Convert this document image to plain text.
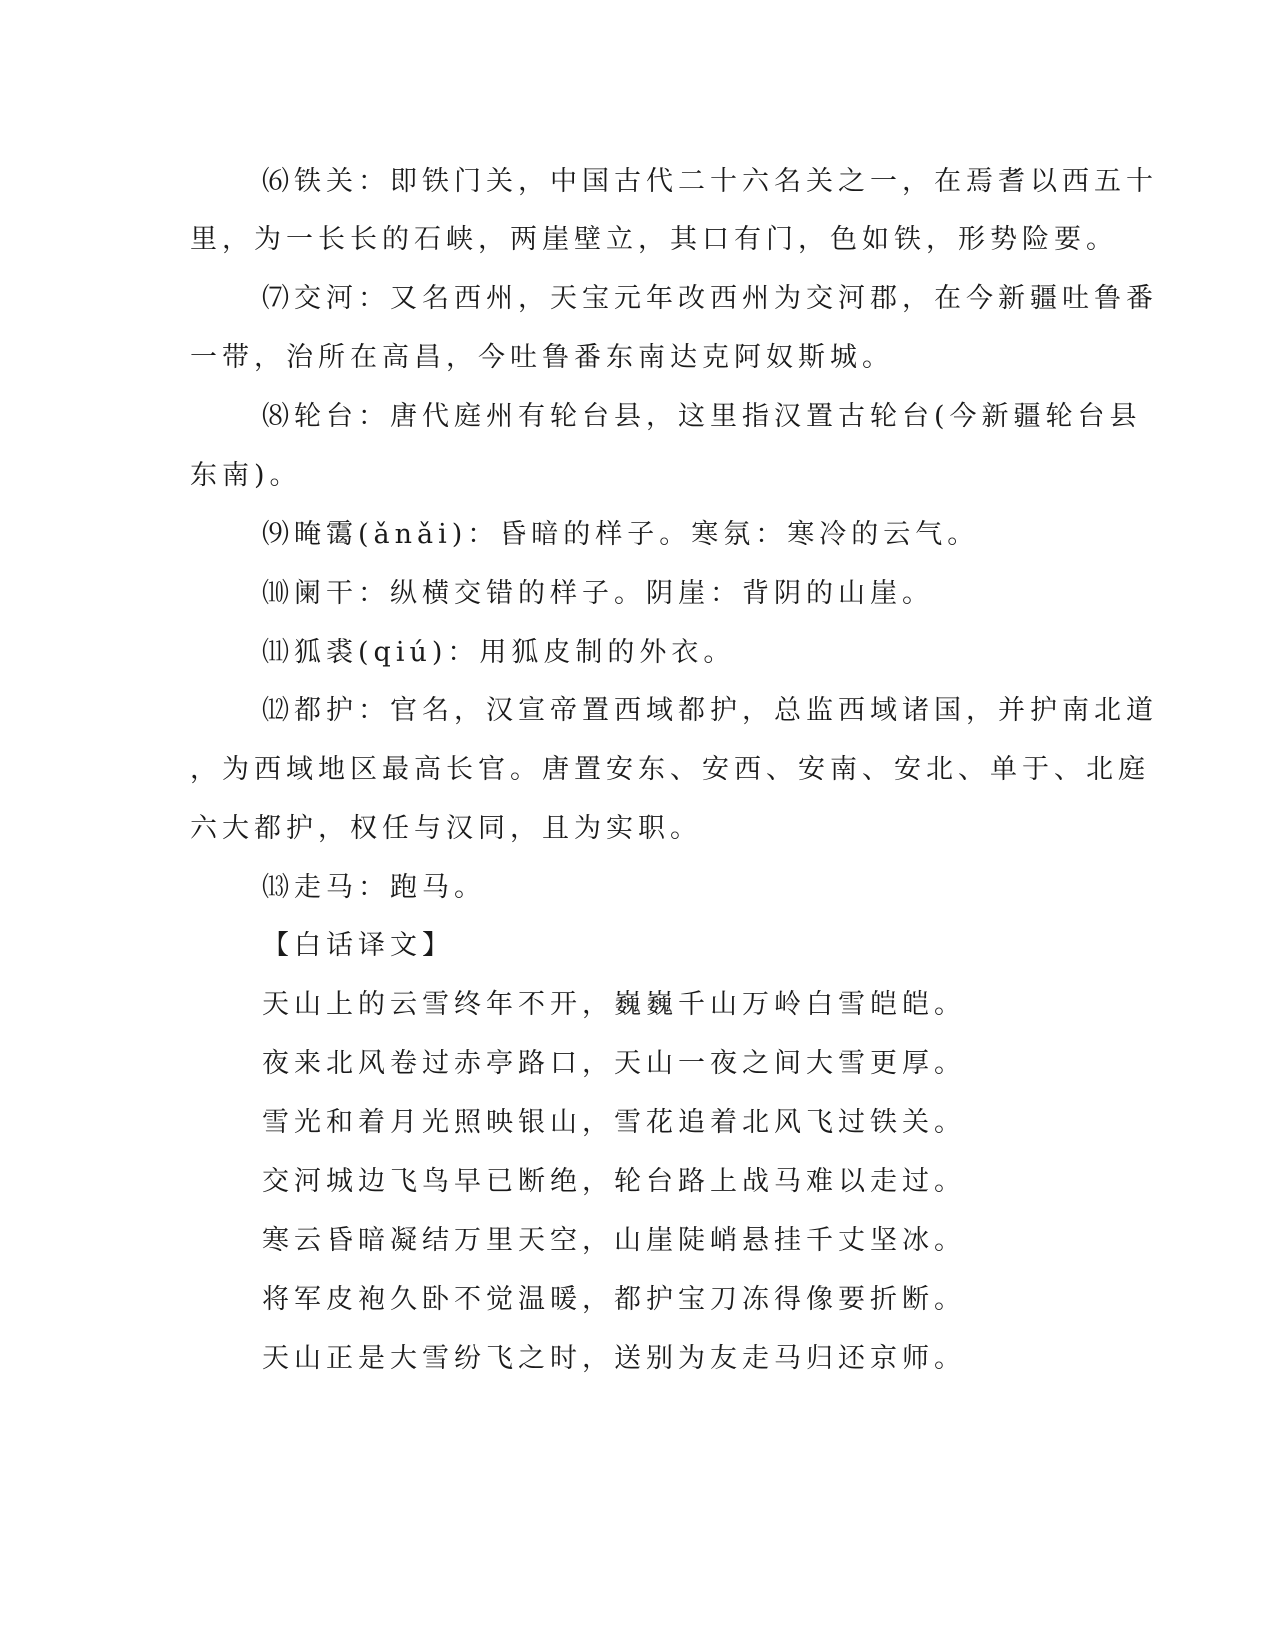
⑹铁关：即铁门关，中国古代二十六名关之一，在焉耆以西五十
里，为一长长的石峡，两崖壁立，其口有门，色如铁，形势险要。
⑺交河：又名西州，天宝元年改西州为交河郡，在今新疆吐鲁番
一带，治所在高昌，今吐鲁番东南达克阿奴斯城。
⑻轮台：唐代庭州有轮台县，这里指汉置古轮台(今新疆轮台县
东南)。
⑼晻霭(ǎnǎi)：昏暗的样子。寒氛：寒冷的云气。
⑽阑干：纵横交错的样子。阴崖：背阴的山崖。
⑾狐裘(qiú)：用狐皮制的外衣。
⑿都护：官名，汉宣帝置西域都护，总监西域诸国，并护南北道
，为西域地区最高长官。唐置安东、安西、安南、安北、单于、北庭
六大都护，权任与汉同，且为实职。
⒀走马：跑马。
【白话译文】
天山上的云雪终年不开，巍巍千山万岭白雪皑皑。
夜来北风卷过赤亭路口，天山一夜之间大雪更厚。
雪光和着月光照映银山，雪花追着北风飞过铁关。
交河城边飞鸟早已断绝，轮台路上战马难以走过。
寒云昏暗凝结万里天空，山崖陡峭悬挂千丈坚冰。
将军皮袍久卧不觉温暖，都护宝刀冻得像要折断。
天山正是大雪纷飞之时，送别为友走马归还京师。
